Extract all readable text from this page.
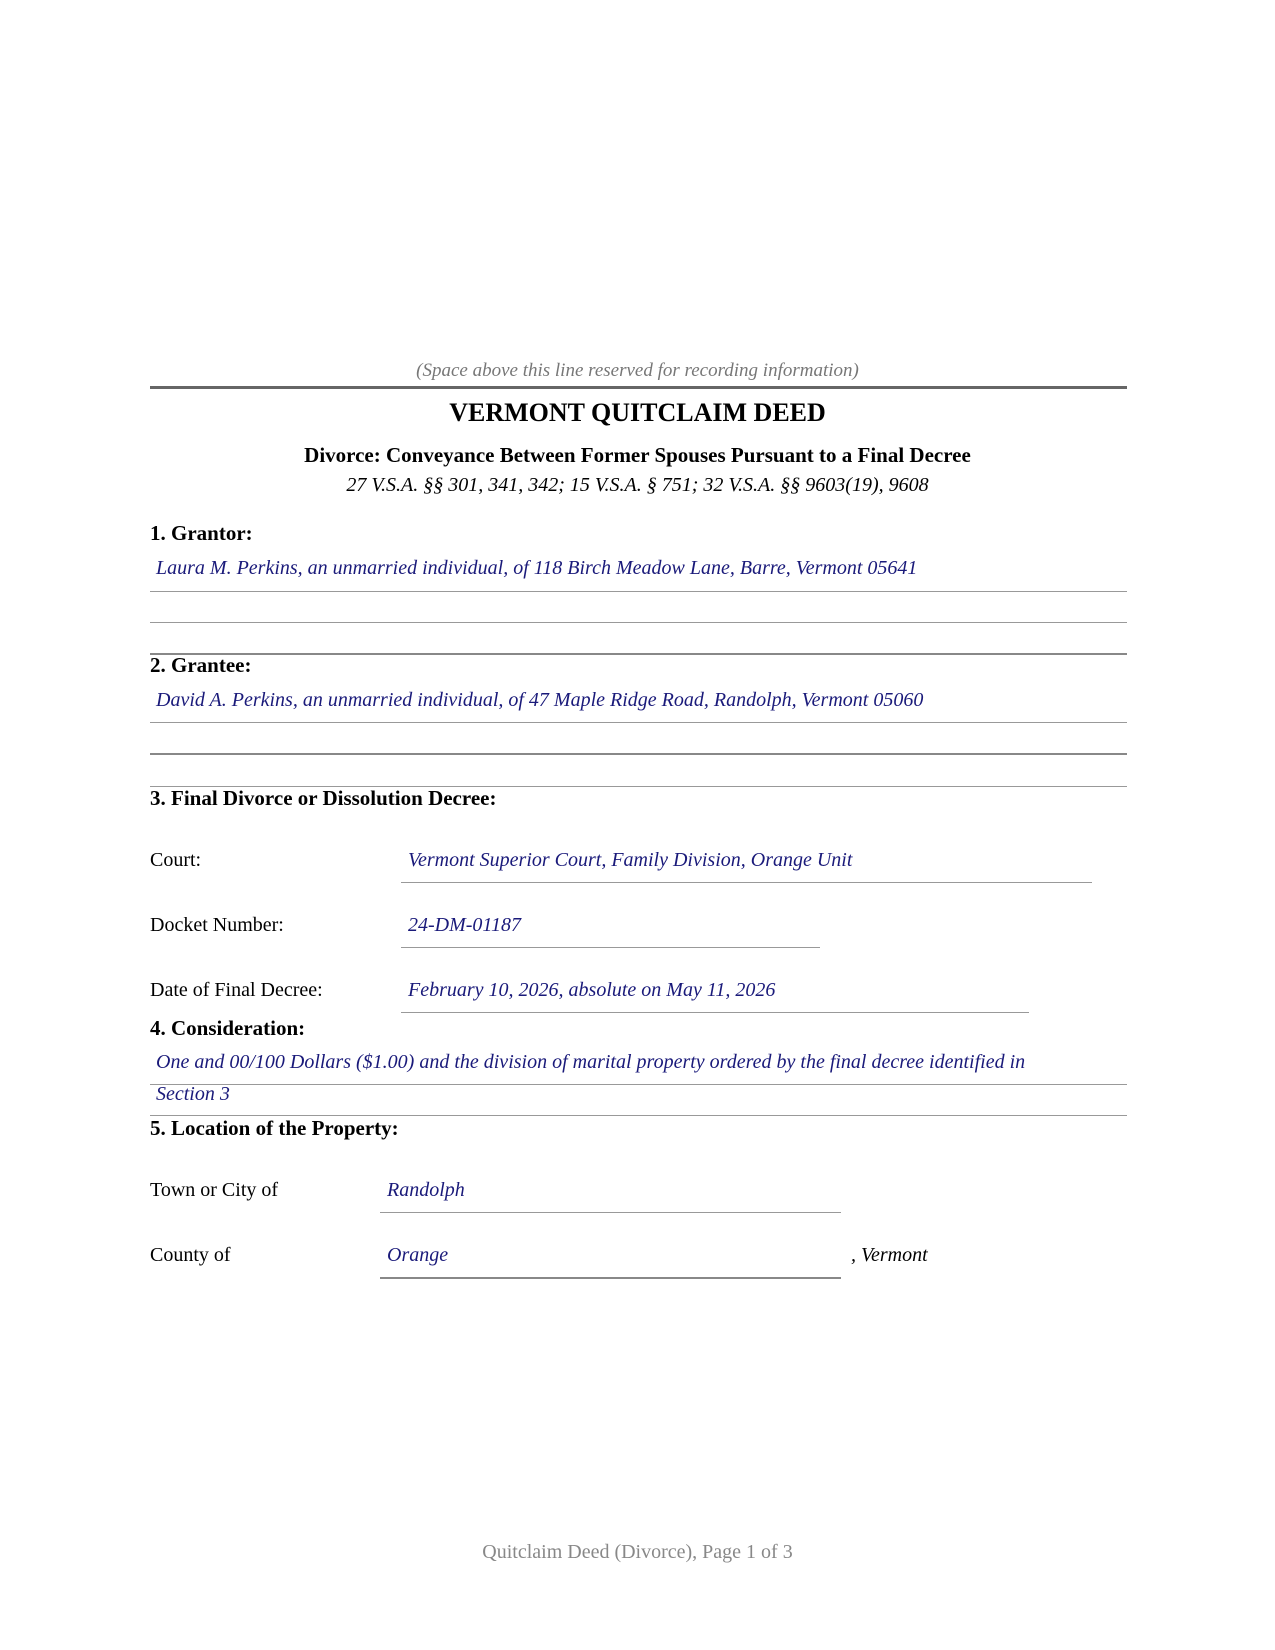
(Space above this line reserved for recording information)
VERMONT QUITCLAIM DEED
Divorce: Conveyance Between Former Spouses Pursuant to a Final Decree
27 V.S.A. §§ 301, 341, 342; 15 V.S.A. § 751; 32 V.S.A. §§ 9603(19), 9608
1. Grantor:
Laura M. Perkins, an unmarried individual, of 118 Birch Meadow Lane, Barre, Vermont 05641
2. Grantee:
David A. Perkins, an unmarried individual, of 47 Maple Ridge Road, Randolph, Vermont 05060
3. Final Divorce or Dissolution Decree:
Court:	Vermont Superior Court, Family Division, Orange Unit
Docket Number:	24-DM-01187
Date of Final Decree:	February 10, 2026, absolute on May 11, 2026
4. Consideration:
One and 00/100 Dollars ($1.00) and the division of marital property ordered by the final decree identified in
Section 3
5. Location of the Property:
Town or City of	Randolph
County of	Orange	, Vermont
Quitclaim Deed (Divorce), Page 1 of 3
